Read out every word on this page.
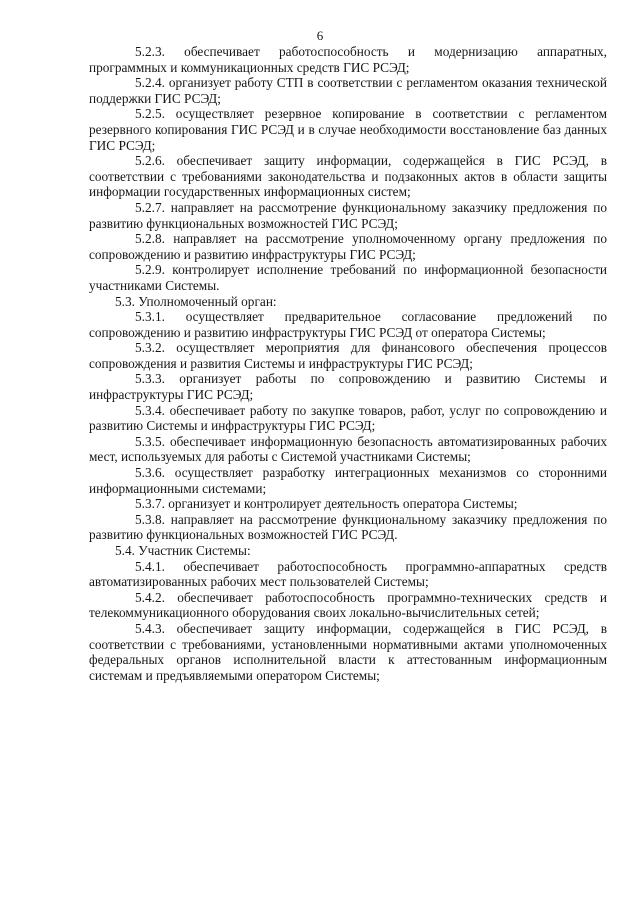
6

5.2.3. обеспечивает работоспособность и модернизацию аппаратных, программных и коммуникационных средств ГИС РСЭД;

5.2.4. организует работу СТП в соответствии с регламентом оказания технической поддержки ГИС РСЭД;

5.2.5. осуществляет резервное копирование в соответствии с регламентом резервного копирования ГИС РСЭД и в случае необходимости восстановление баз данных ГИС РСЭД;

5.2.6. обеспечивает защиту информации, содержащейся в ГИС РСЭД, в соответствии с требованиями законодательства и подзаконных актов в области защиты информации государственных информационных систем;

5.2.7. направляет на рассмотрение функциональному заказчику предложения по развитию функциональных возможностей ГИС РСЭД;

5.2.8. направляет на рассмотрение уполномоченному органу предложения по сопровождению и развитию инфраструктуры ГИС РСЭД;

5.2.9. контролирует исполнение требований по информационной безопасности участниками Системы.

5.3. Уполномоченный орган:

5.3.1. осуществляет предварительное согласование предложений по сопровождению и развитию инфраструктуры ГИС РСЭД от оператора Системы;

5.3.2. осуществляет мероприятия для финансового обеспечения процессов сопровождения и развития Системы и инфраструктуры ГИС РСЭД;

5.3.3. организует работы по сопровождению и развитию Системы и инфраструктуры ГИС РСЭД;

5.3.4. обеспечивает работу по закупке товаров, работ, услуг по сопровождению и развитию Системы и инфраструктуры ГИС РСЭД;

5.3.5. обеспечивает информационную безопасность автоматизированных рабочих мест, используемых для работы с Системой участниками Системы;

5.3.6. осуществляет разработку интеграционных механизмов со сторонними информационными системами;

5.3.7. организует и контролирует деятельность оператора Системы;

5.3.8. направляет на рассмотрение функциональному заказчику предложения по развитию функциональных возможностей ГИС РСЭД.

5.4. Участник Системы:

5.4.1. обеспечивает работоспособность программно-аппаратных средств автоматизированных рабочих мест пользователей Системы;

5.4.2. обеспечивает работоспособность программно-технических средств и телекоммуникационного оборудования своих локально-вычислительных сетей;

5.4.3. обеспечивает защиту информации, содержащейся в ГИС РСЭД, в соответствии с требованиями, установленными нормативными актами уполномоченных федеральных органов исполнительной власти к аттестованным информационным системам и предъявляемыми оператором Системы;
